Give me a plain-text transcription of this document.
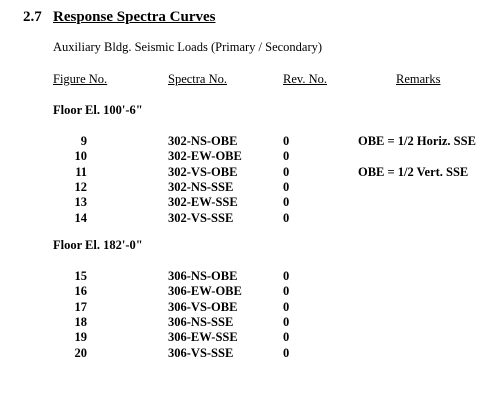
2.7 Response Spectra Curves
Auxiliary Bldg. Seismic Loads (Primary / Secondary)
Figure No.	Spectra No.	Rev. No.	Remarks
Floor El. 100'-6"
9	302-NS-OBE	0	OBE = 1/2 Horiz. SSE
10	302-EW-OBE	0
11	302-VS-OBE	0	OBE = 1/2 Vert. SSE
12	302-NS-SSE	0
13	302-EW-SSE	0
14	302-VS-SSE	0
Floor El. 182'-0"
15	306-NS-OBE	0
16	306-EW-OBE	0
17	306-VS-OBE	0
18	306-NS-SSE	0
19	306-EW-SSE	0
20	306-VS-SSE	0
